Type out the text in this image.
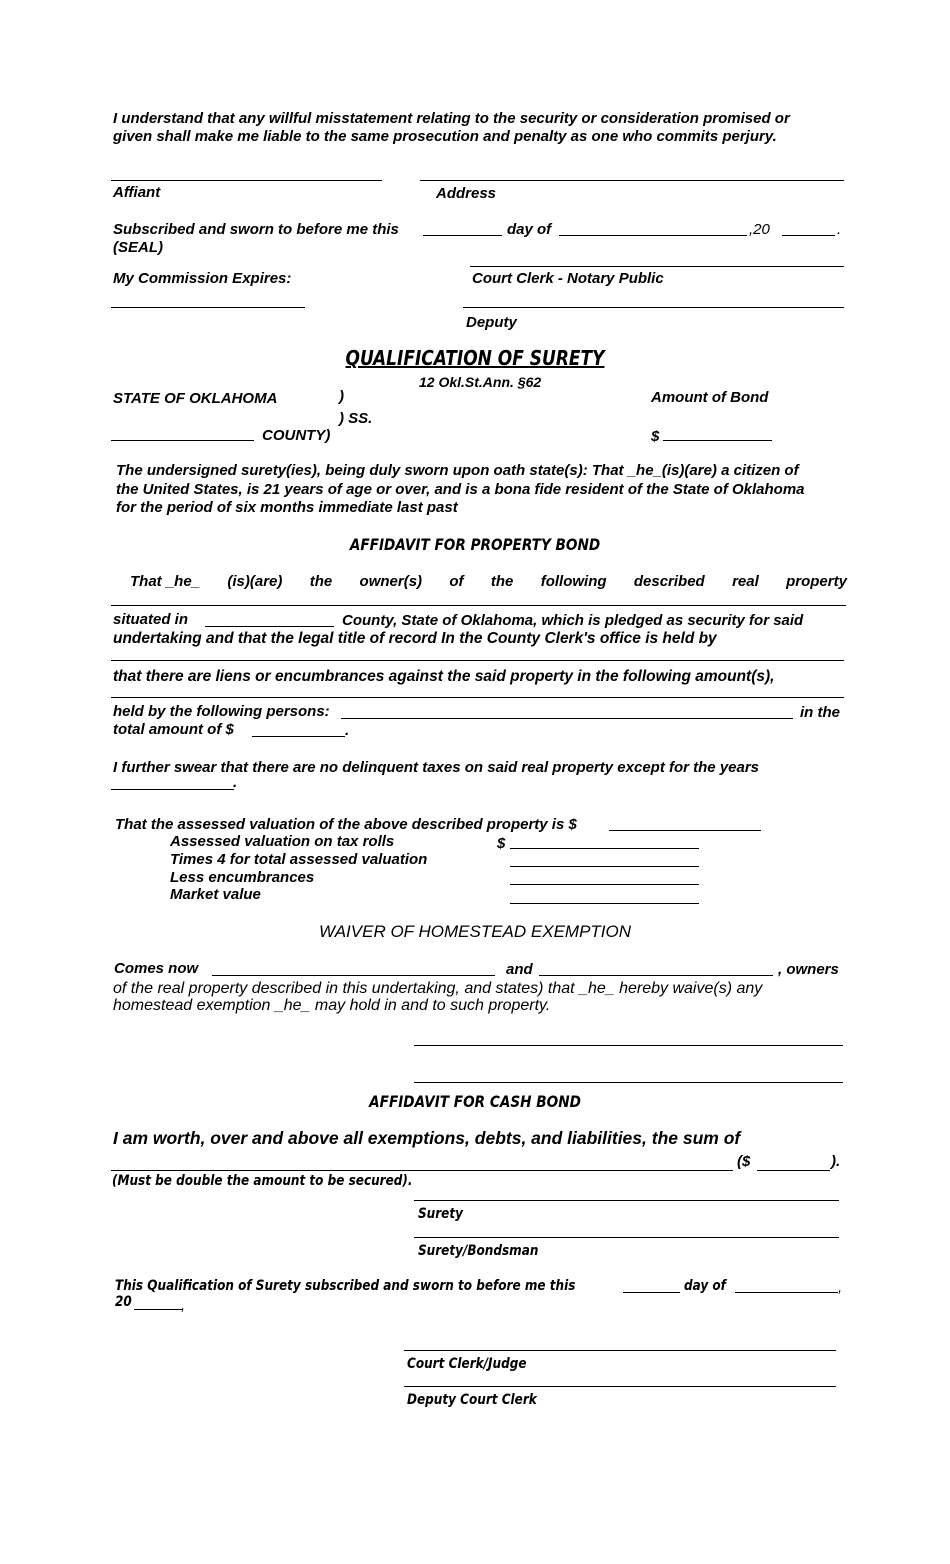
I understand that any willful misstatement relating to the security or consideration promised or
given shall make me liable to the same prosecution and penalty as one who commits perjury.
Affiant	Address
Subscribed and sworn to before me this	day of	,20	.
(SEAL)
My Commission Expires:	Court Clerk - Notary Public
Deputy
QUALIFICATION OF SURETY
12 Okl.St.Ann. §62
STATE OF OKLAHOMA	)	Amount of Bond
) SS.
COUNTY)	$
The undersigned surety(ies), being duly sworn upon oath state(s): That _he_(is)(are) a citizen of
the United States, is 21 years of age or over, and is a bona fide resident of the State of Oklahoma
for the period of six months immediate last past
AFFIDAVIT FOR PROPERTY BOND
That _he_ (is)(are) the owner(s) of the following described real property
situated in	County, State of Oklahoma, which is pledged as security for said
undertaking and that the legal title of record In the County Clerk's office is held by
that there are liens or encumbrances against the said property in the following amount(s),
held by the following persons:	in the
total amount of $	.
I further swear that there are no delinquent taxes on said real property except for the years
.
That the assessed valuation of the above described property is $
Assessed valuation on tax rolls	$
Times 4 for total assessed valuation
Less encumbrances
Market value
WAIVER OF HOMESTEAD EXEMPTION
Comes now	and	, owners
of the real property described in this undertaking, and states) that _he_ hereby waive(s) any
homestead exemption _he_ may hold in and to such property.
AFFIDAVIT FOR CASH BOND
I am worth, over and above all exemptions, debts, and liabilities, the sum of
($	).
(Must be double the amount to be secured).
Surety
Surety/Bondsman
This Qualification of Surety subscribed and sworn to before me this	day of	,
20	,
Court Clerk/Judge
Deputy Court Clerk
